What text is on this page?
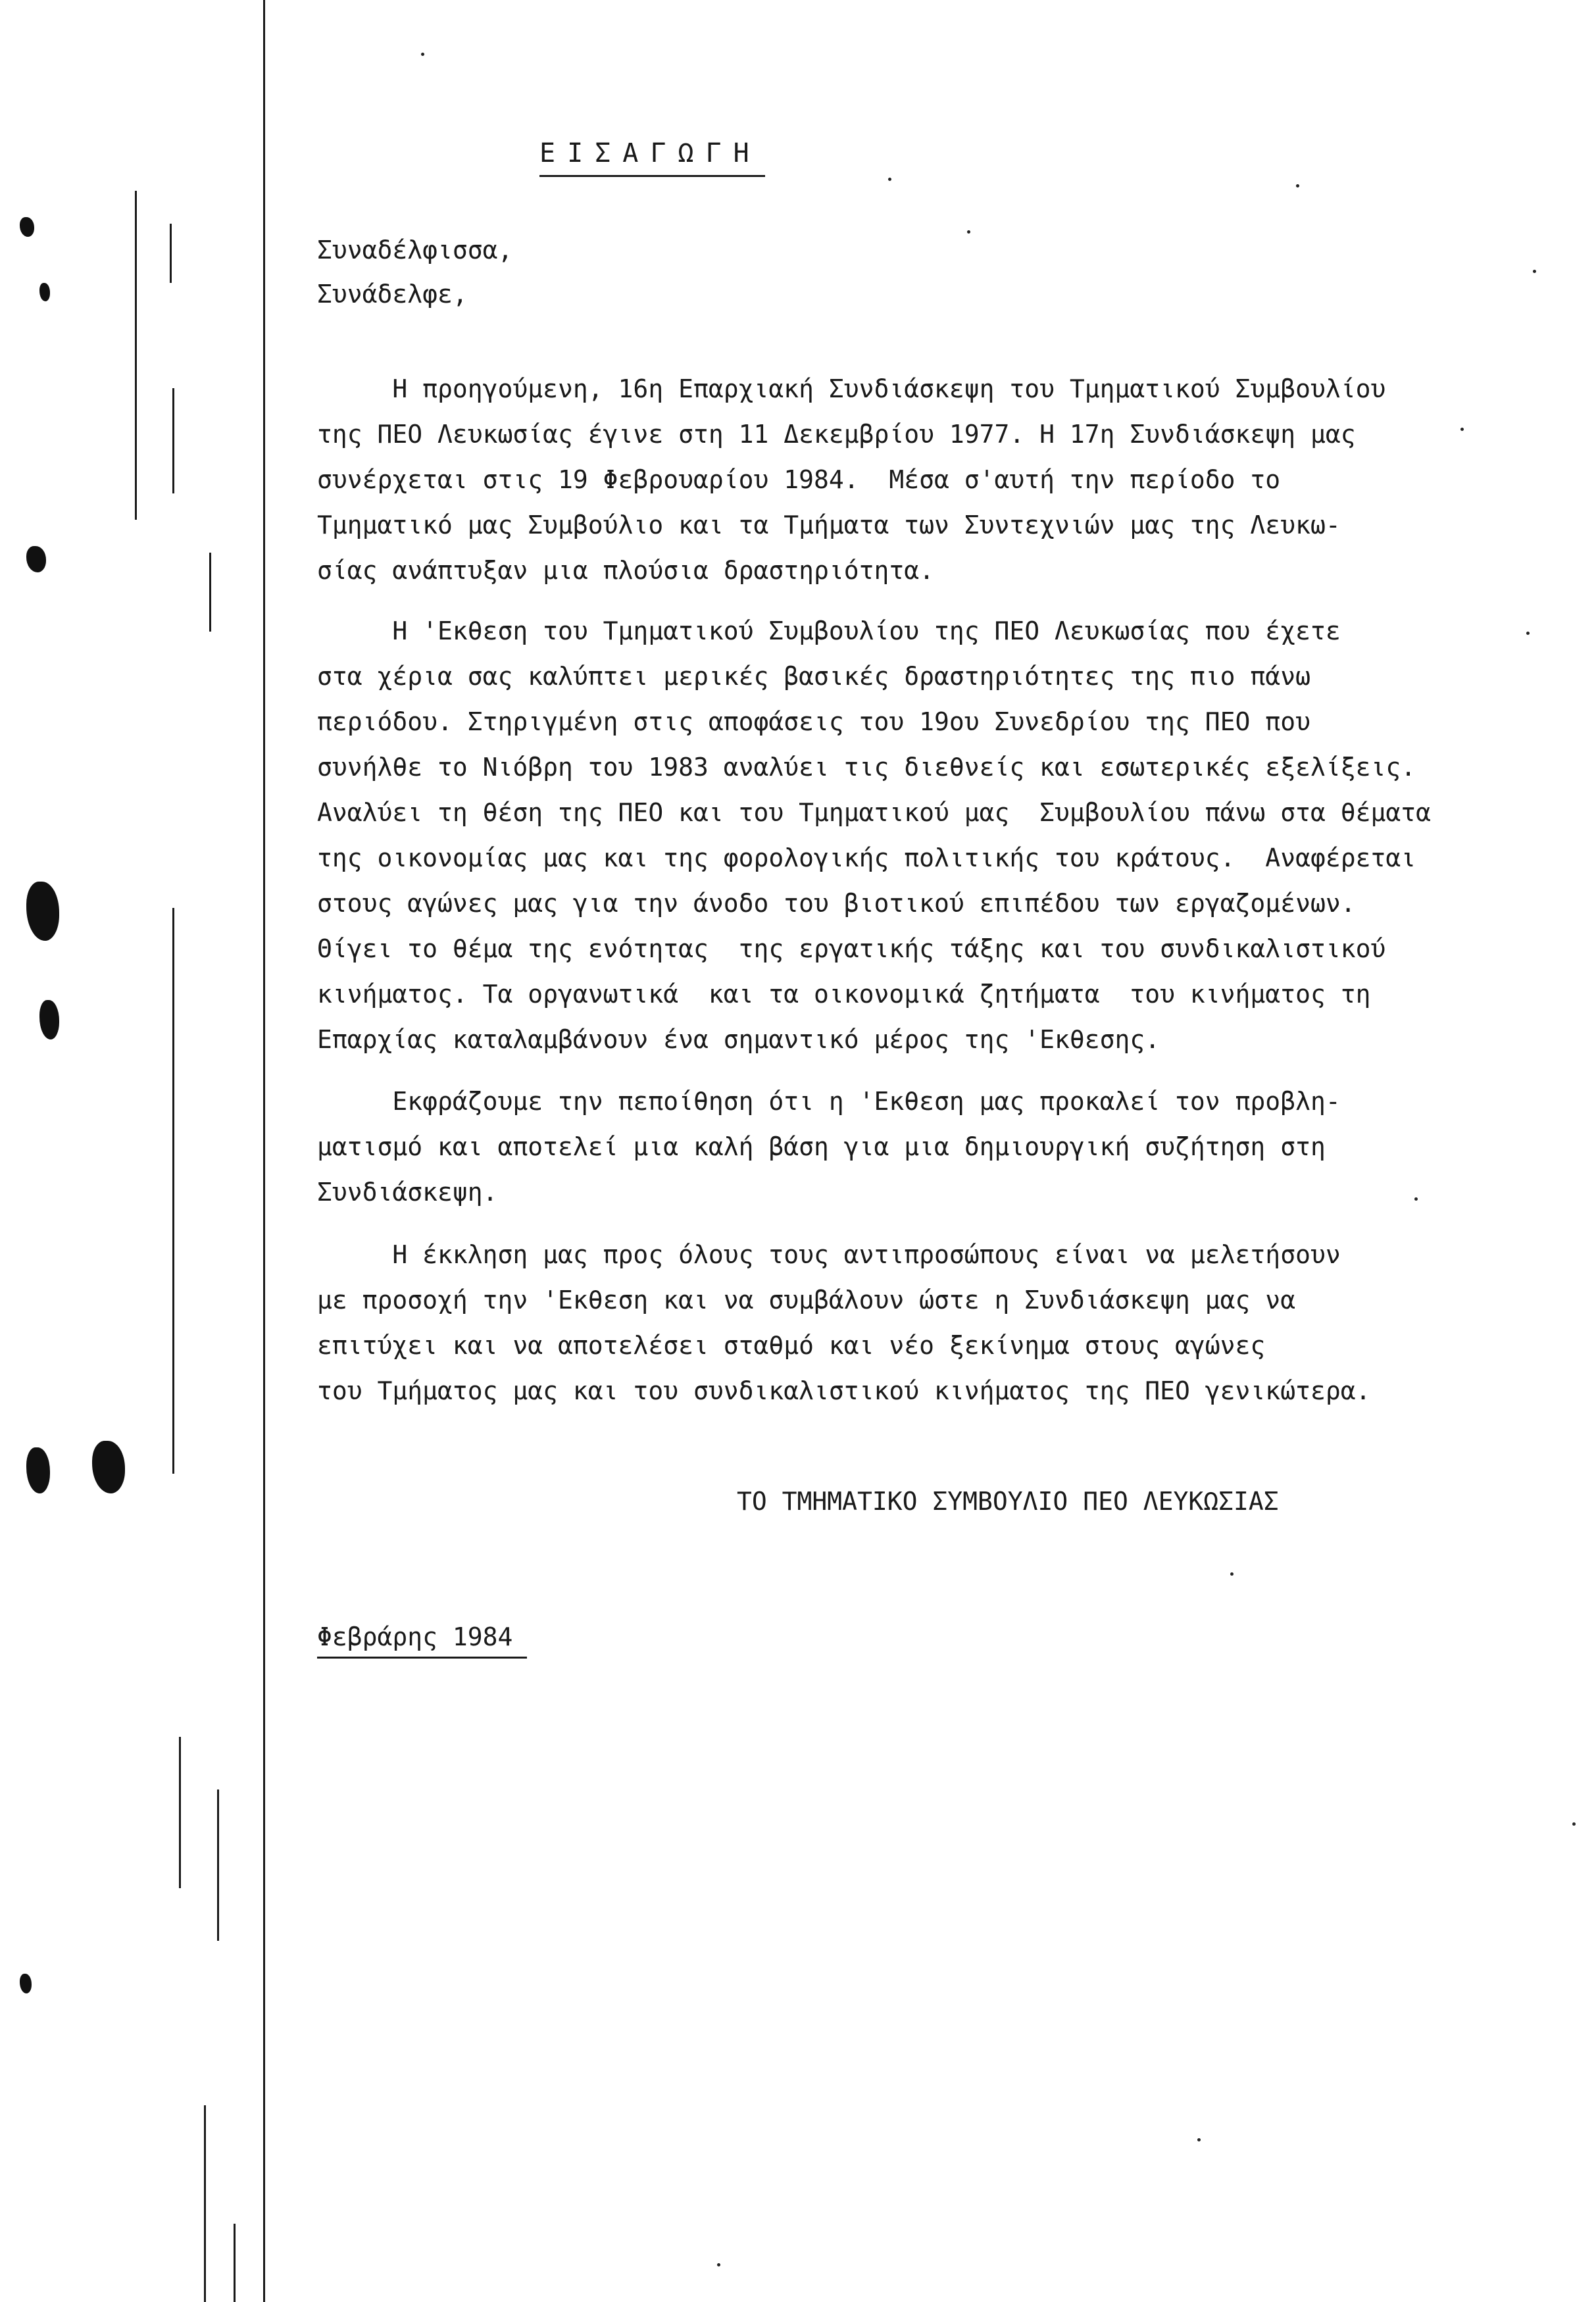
ΕΙΣΑΓΩΓΗ
Συναδέλφισσα,
Συνάδελφε,
Η προηγούμενη, 16η Επαρχιακή Συνδιάσκεψη του Τμηματικού Συμβουλίου
της ΠΕΟ Λευκωσίας έγινε στη 11 Δεκεμβρίου 1977. Η 17η Συνδιάσκεψη μας
συνέρχεται στις 19 Φεβρουαρίου 1984.  Μέσα σ'αυτή την περίοδο το
Τμηματικό μας Συμβούλιο και τα Τμήματα των Συντεχνιών μας της Λευκω-
σίας ανάπτυξαν μια πλούσια δραστηριότητα.
Η 'Εκθεση του Τμηματικού Συμβουλίου της ΠΕΟ Λευκωσίας που έχετε
στα χέρια σας καλύπτει μερικές βασικές δραστηριότητες της πιο πάνω
περιόδου. Στηριγμένη στις αποφάσεις του 19ου Συνεδρίου της ΠΕΟ που
συνήλθε το Νιόβρη του 1983 αναλύει τις διεθνείς και εσωτερικές εξελίξεις.
Αναλύει τη θέση της ΠΕΟ και του Τμηματικού μας  Συμβουλίου πάνω στα θέματα
της οικονομίας μας και της φορολογικής πολιτικής του κράτους.  Αναφέρεται
στους αγώνες μας για την άνοδο του βιοτικού επιπέδου των εργαζομένων.
Θίγει το θέμα της ενότητας  της εργατικής τάξης και του συνδικαλιστικού
κινήματος. Τα οργανωτικά  και τα οικονομικά ζητήματα  του κινήματος τη
Επαρχίας καταλαμβάνουν ένα σημαντικό μέρος της 'Εκθεσης.
Εκφράζουμε την πεποίθηση ότι η 'Εκθεση μας προκαλεί τον προβλη-
ματισμό και αποτελεί μια καλή βάση για μια δημιουργική συζήτηση στη
Συνδιάσκεψη.
Η έκκληση μας προς όλους τους αντιπροσώπους είναι να μελετήσουν
με προσοχή την 'Εκθεση και να συμβάλουν ώστε η Συνδιάσκεψη μας να
επιτύχει και να αποτελέσει σταθμό και νέο ξεκίνημα στους αγώνες
του Τμήματος μας και του συνδικαλιστικού κινήματος της ΠΕΟ γενικώτερα.
ΤΟ ΤΜΗΜΑΤΙΚΟ ΣΥΜΒΟΥΛΙΟ ΠΕΟ ΛΕΥΚΩΣΙΑΣ
Φεβράρης 1984
